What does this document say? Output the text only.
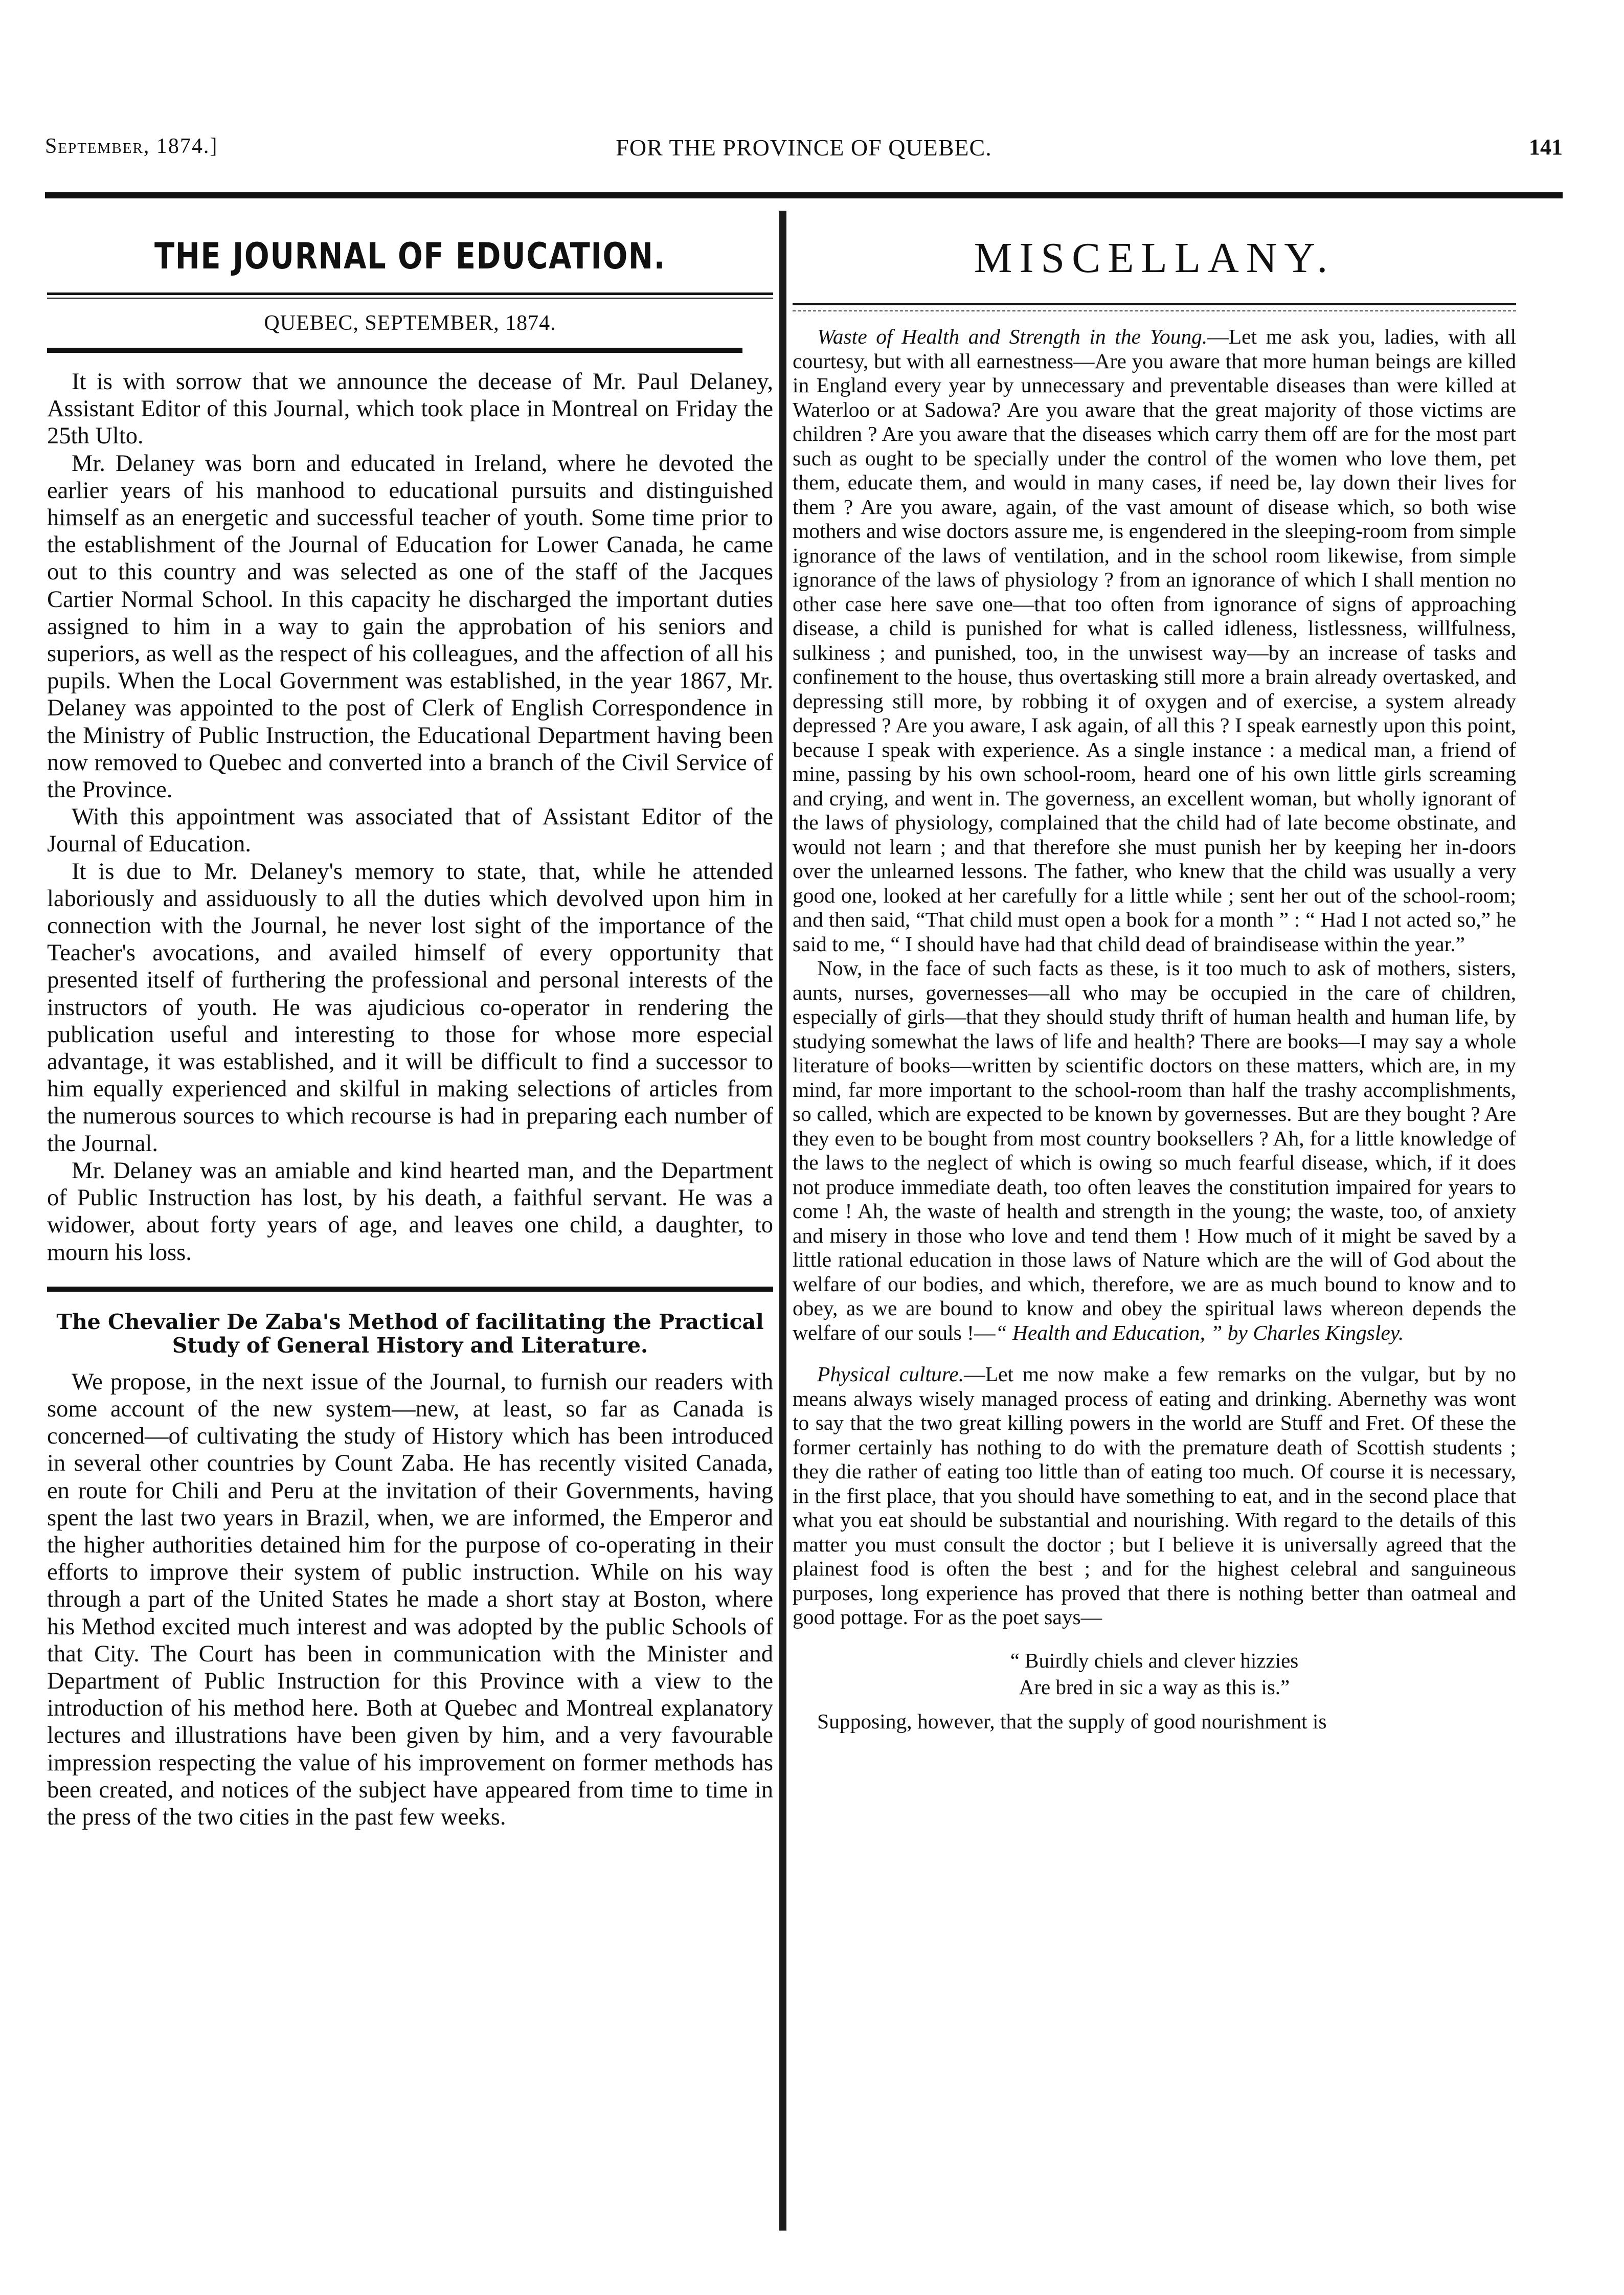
September, 1874.]	FOR THE PROVINCE OF QUEBEC.	141
THE JOURNAL OF EDUCATION.
QUEBEC, SEPTEMBER, 1874.

It is with sorrow that we announce the decease of Mr. Paul Delaney, Assistant Editor of this Journal, which took place in Montreal on Friday the 25th Ulto.

Mr. Delaney was born and educated in Ireland, where he devoted the earlier years of his manhood to educational pursuits and distinguished himself as an energetic and successful teacher of youth. Some time prior to the establishment of the Journal of Education for Lower Canada, he came out to this country and was selected as one of the staff of the Jacques Cartier Normal School. In this capacity he discharged the important duties assigned to him in a way to gain the approbation of his seniors and superiors, as well as the respect of his colleagues, and the affection of all his pupils. When the Local Government was established, in the year 1867, Mr. Delaney was appointed to the post of Clerk of English Correspondence in the Ministry of Public Instruction, the Educational Department having been now removed to Quebec and converted into a branch of the Civil Service of the Province.

With this appointment was associated that of Assistant Editor of the Journal of Education.

It is due to Mr. Delaney's memory to state, that, while he attended laboriously and assiduously to all the duties which devolved upon him in connection with the Journal, he never lost sight of the importance of the Teacher's avocations, and availed himself of every opportunity that presented itself of furthering the professional and personal interests of the instructors of youth. He was ajudicious co-operator in rendering the publication useful and interesting to those for whose more especial advantage, it was established, and it will be difficult to find a successor to him equally experienced and skilful in making selections of articles from the numerous sources to which recourse is had in preparing each number of the Journal.

Mr. Delaney was an amiable and kind hearted man, and the Department of Public Instruction has lost, by his death, a faithful servant. He was a widower, about forty years of age, and leaves one child, a daughter, to mourn his loss.

The Chevalier De Zaba's Method of facilitating the Practical Study of General History and Literature.

We propose, in the next issue of the Journal, to furnish our readers with some account of the new system—new, at least, so far as Canada is concerned—of cultivating the study of History which has been introduced in several other countries by Count Zaba. He has recently visited Canada, en route for Chili and Peru at the invitation of their Governments, having spent the last two years in Brazil, when, we are informed, the Emperor and the higher authorities detained him for the purpose of co-operating in their efforts to improve their system of public instruction. While on his way through a part of the United States he made a short stay at Boston, where his Method excited much interest and was adopted by the public Schools of that City. The Court has been in communication with the Minister and Department of Public Instruction for this Province with a view to the introduction of his method here. Both at Quebec and Montreal explanatory lectures and illustrations have been given by him, and a very favourable impression respecting the value of his improvement on former methods has been created, and notices of the subject have appeared from time to time in the press of the two cities in the past few weeks.

MISCELLANY.

Waste of Health and Strength in the Young.—Let me ask you, ladies, with all courtesy, but with all earnestness—Are you aware that more human beings are killed in England every year by unnecessary and preventable diseases than were killed at Waterloo or at Sadowa? Are you aware that the great majority of those victims are children ? Are you aware that the diseases which carry them off are for the most part such as ought to be specially under the control of the women who love them, pet them, educate them, and would in many cases, if need be, lay down their lives for them ? Are you aware, again, of the vast amount of disease which, so both wise mothers and wise doctors assure me, is engendered in the sleeping-room from simple ignorance of the laws of ventilation, and in the school room likewise, from simple ignorance of the laws of physiology ? from an ignorance of which I shall mention no other case here save one—that too often from ignorance of signs of approaching disease, a child is punished for what is called idleness, listlessness, willfulness, sulkiness ; and punished, too, in the unwisest way—by an increase of tasks and confinement to the house, thus overtasking still more a brain already overtasked, and depressing still more, by robbing it of oxygen and of exercise, a system already depressed ? Are you aware, I ask again, of all this ? I speak earnestly upon this point, because I speak with experience. As a single instance : a medical man, a friend of mine, passing by his own school-room, heard one of his own little girls screaming and crying, and went in. The governess, an excellent woman, but wholly ignorant of the laws of physiology, complained that the child had of late become obstinate, and would not learn ; and that therefore she must punish her by keeping her in-doors over the unlearned lessons. The father, who knew that the child was usually a very good one, looked at her carefully for a little while ; sent her out of the school-room; and then said, “That child must open a book for a month ” : “ Had I not acted so,” he said to me, “ I should have had that child dead of braindisease within the year.”

Now, in the face of such facts as these, is it too much to ask of mothers, sisters, aunts, nurses, governesses—all who may be occupied in the care of children, especially of girls—that they should study thrift of human health and human life, by studying somewhat the laws of life and health? There are books—I may say a whole literature of books—written by scientific doctors on these matters, which are, in my mind, far more important to the school-room than half the trashy accomplishments, so called, which are expected to be known by governesses. But are they bought ? Are they even to be bought from most country booksellers ? Ah, for a little knowledge of the laws to the neglect of which is owing so much fearful disease, which, if it does not produce immediate death, too often leaves the constitution impaired for years to come ! Ah, the waste of health and strength in the young; the waste, too, of anxiety and misery in those who love and tend them ! How much of it might be saved by a little rational education in those laws of Nature which are the will of God about the welfare of our bodies, and which, therefore, we are as much bound to know and to obey, as we are bound to know and obey the spiritual laws whereon depends the welfare of our souls !—“ Health and Education, ” by Charles Kingsley.

Physical culture.—Let me now make a few remarks on the vulgar, but by no means always wisely managed process of eating and drinking. Abernethy was wont to say that the two great killing powers in the world are Stuff and Fret. Of these the former certainly has nothing to do with the premature death of Scottish students ; they die rather of eating too little than of eating too much. Of course it is necessary, in the first place, that you should have something to eat, and in the second place that what you eat should be substantial and nourishing. With regard to the details of this matter you must consult the doctor ; but I believe it is universally agreed that the plainest food is often the best ; and for the highest celebral and sanguineous purposes, long experience has proved that there is nothing better than oatmeal and good pottage. For as the poet says—

“ Buirdly chiels and clever hizzies
Are bred in sic a way as this is.”

Supposing, however, that the supply of good nourishment is
